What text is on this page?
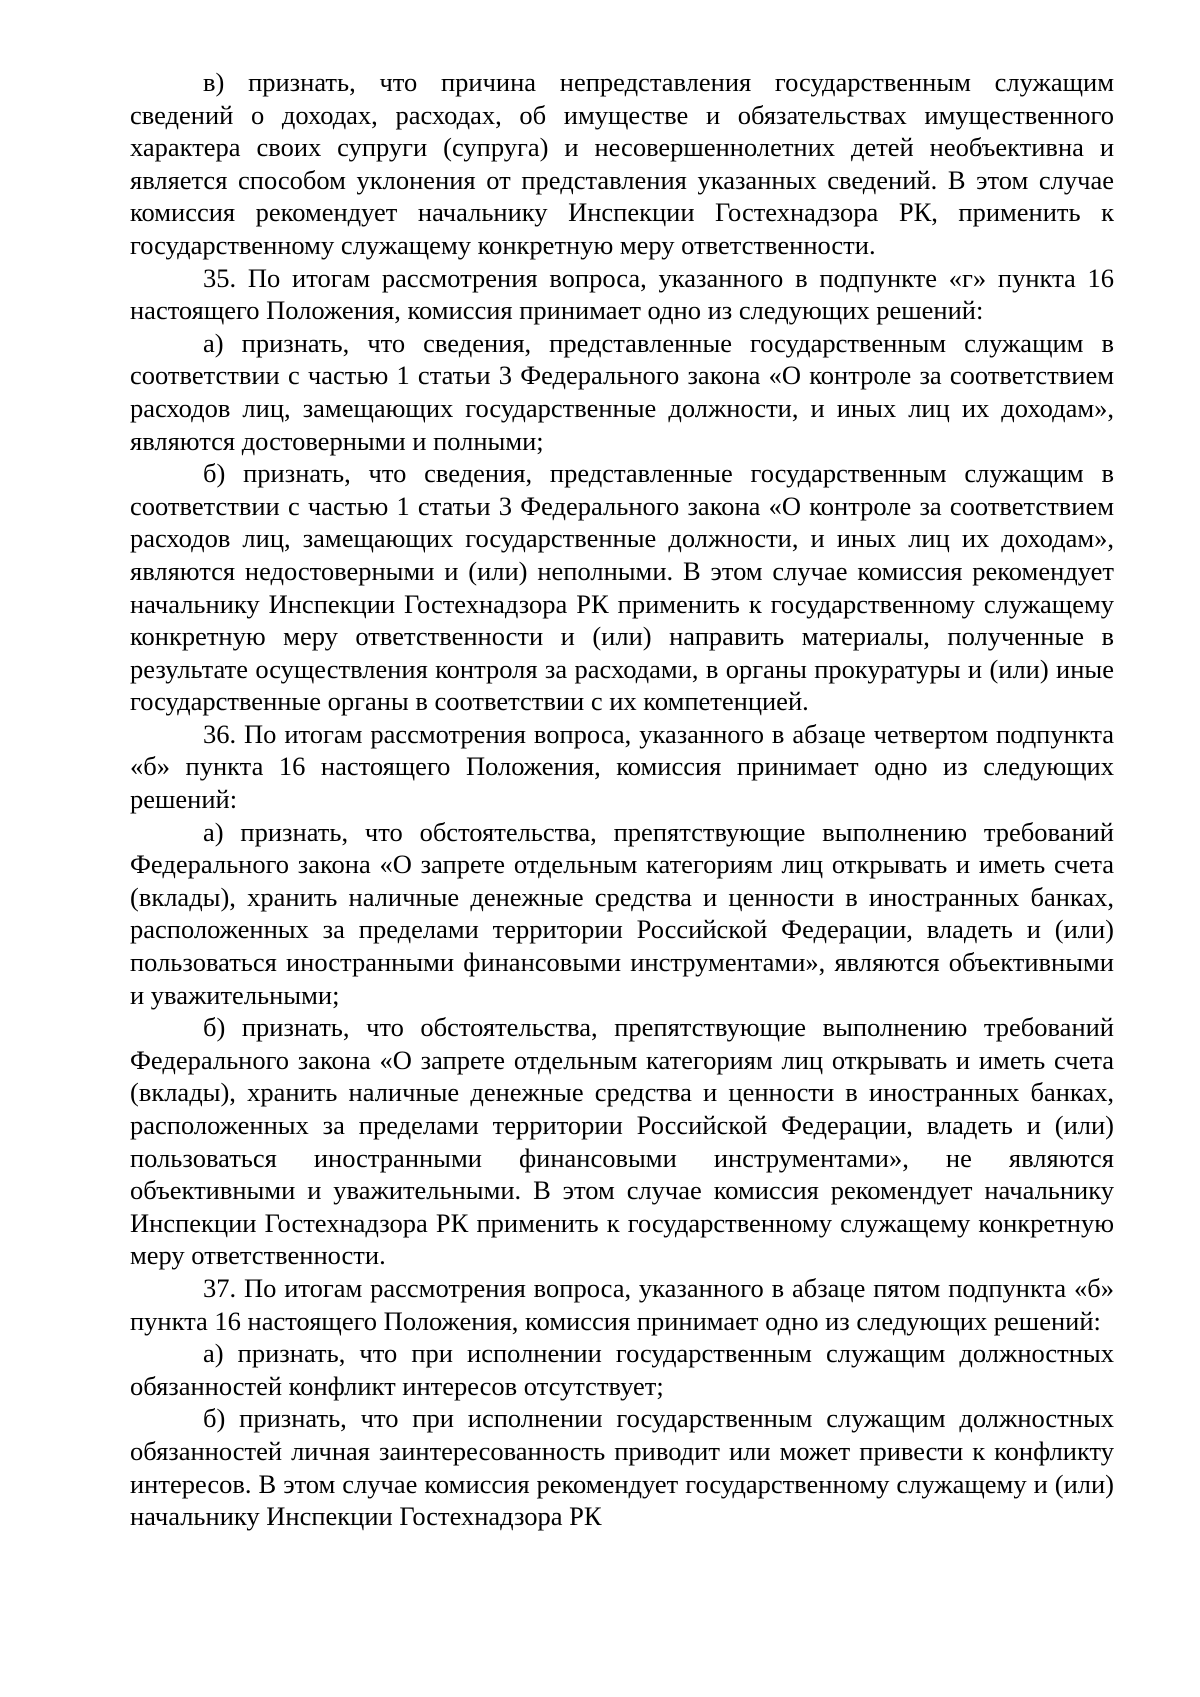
в) признать, что причина непредставления государственным служащим сведений о доходах, расходах, об имуществе и обязательствах имущественного характера своих супруги (супруга) и несовершеннолетних детей необъективна и является способом уклонения от представления указанных сведений. В этом случае комиссия рекомендует начальнику Инспекции Гостехнадзора РК, применить к государственному служащему конкретную меру ответственности.

35. По итогам рассмотрения вопроса, указанного в подпункте «г» пункта 16 настоящего Положения, комиссия принимает одно из следующих решений:

а) признать, что сведения, представленные государственным служащим в соответствии с частью 1 статьи 3 Федерального закона «О контроле за соответствием расходов лиц, замещающих государственные должности, и иных лиц их доходам», являются достоверными и полными;

б) признать, что сведения, представленные государственным служащим в соответствии с частью 1 статьи 3 Федерального закона «О контроле за соответствием расходов лиц, замещающих государственные должности, и иных лиц их доходам», являются недостоверными и (или) неполными. В этом случае комиссия рекомендует начальнику Инспекции Гостехнадзора РК применить к государственному служащему конкретную меру ответственности и (или) направить материалы, полученные в результате осуществления контроля за расходами, в органы прокуратуры и (или) иные государственные органы в соответствии с их компетенцией.

36. По итогам рассмотрения вопроса, указанного в абзаце четвертом подпункта «б» пункта 16 настоящего Положения, комиссия принимает одно из следующих решений:

а) признать, что обстоятельства, препятствующие выполнению требований Федерального закона «О запрете отдельным категориям лиц открывать и иметь счета (вклады), хранить наличные денежные средства и ценности в иностранных банках, расположенных за пределами территории Российской Федерации, владеть и (или) пользоваться иностранными финансовыми инструментами», являются объективными и уважительными;

б) признать, что обстоятельства, препятствующие выполнению требований Федерального закона «О запрете отдельным категориям лиц открывать и иметь счета (вклады), хранить наличные денежные средства и ценности в иностранных банках, расположенных за пределами территории Российской Федерации, владеть и (или) пользоваться иностранными финансовыми инструментами», не являются объективными и уважительными. В этом случае комиссия рекомендует начальнику Инспекции Гостехнадзора РК применить к государственному служащему конкретную меру ответственности.

37. По итогам рассмотрения вопроса, указанного в абзаце пятом подпункта «б» пункта 16 настоящего Положения, комиссия принимает одно из следующих решений:

а) признать, что при исполнении государственным служащим должностных обязанностей конфликт интересов отсутствует;

б) признать, что при исполнении государственным служащим должностных обязанностей личная заинтересованность приводит или может привести к конфликту интересов. В этом случае комиссия рекомендует государственному служащему и (или) начальнику Инспекции Гостехнадзора РК
